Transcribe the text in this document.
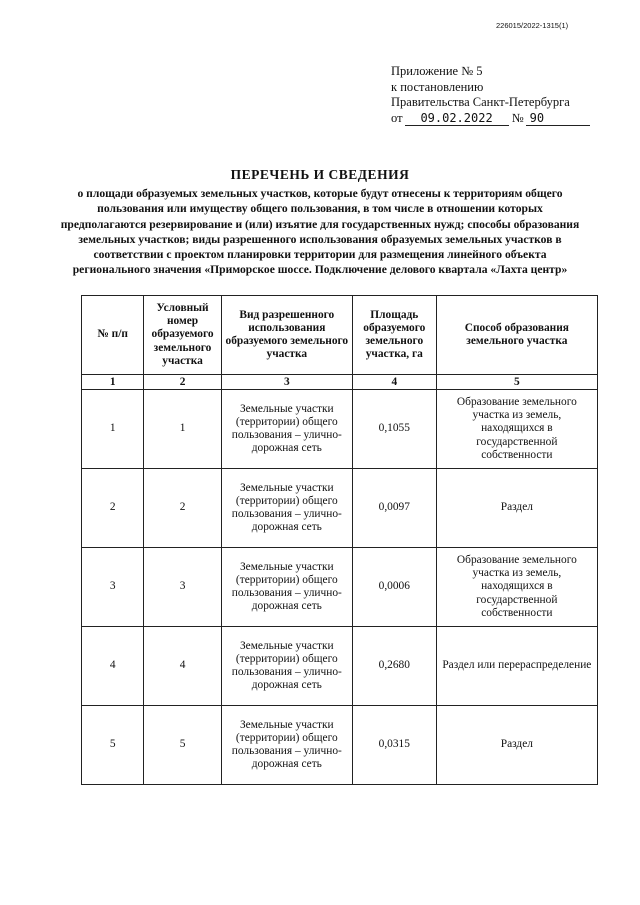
226015/2022-1315(1)
Приложение № 5
к постановлению
Правительства Санкт-Петербурга
от 09.02.2022 № 90
ПЕРЕЧЕНЬ И СВЕДЕНИЯ
о площади образуемых земельных участков, которые будут отнесены к территориям общего пользования или имуществу общего пользования, в том числе в отношении которых предполагаются резервирование и (или) изъятие для государственных нужд; способы образования земельных участков; виды разрешенного использования образуемых земельных участков в соответствии с проектом планировки территории для размещения линейного объекта регионального значения «Приморское шоссе. Подключение делового квартала «Лахта центр»
№ п/п	Условный номер образуемого земельного участка	Вид разрешенного использования образуемого земельного участка	Площадь образуемого земельного участка, га	Способ образования земельного участка
1	2	3	4	5
1	1	Земельные участки (территории) общего пользования – улично-дорожная сеть	0,1055	Образование земельного участка из земель, находящихся в государственной собственности
2	2	Земельные участки (территории) общего пользования – улично-дорожная сеть	0,0097	Раздел
3	3	Земельные участки (территории) общего пользования – улично-дорожная сеть	0,0006	Образование земельного участка из земель, находящихся в государственной собственности
4	4	Земельные участки (территории) общего пользования – улично-дорожная сеть	0,2680	Раздел или перераспределение
5	5	Земельные участки (территории) общего пользования – улично-дорожная сеть	0,0315	Раздел
